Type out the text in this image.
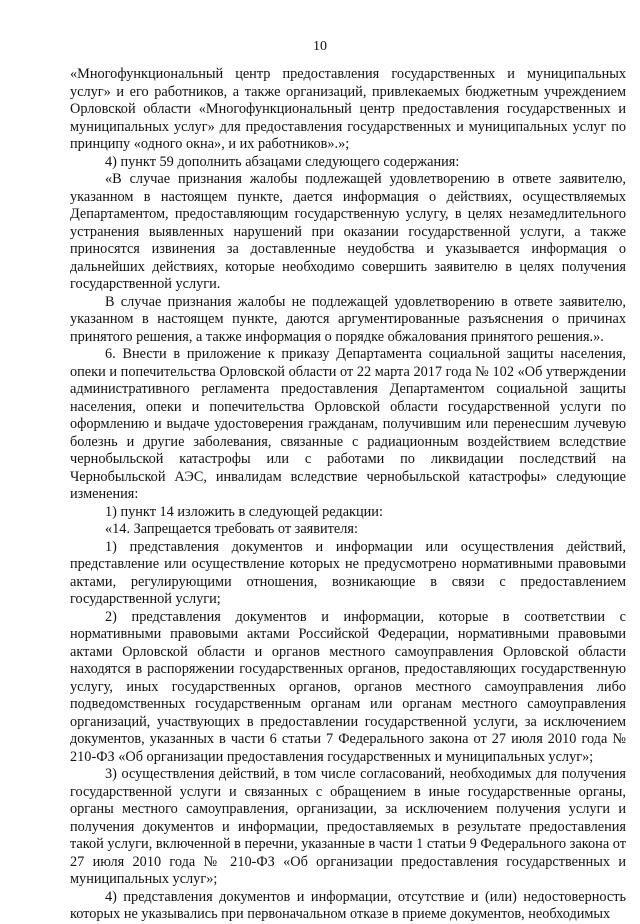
10

«Многофункциональный центр предоставления государственных и муниципальных услуг» и его работников, а также организаций, привлекаемых бюджетным учреждением Орловской области «Многофункциональный центр предоставления государственных и муниципальных услуг» для предоставления государственных и муниципальных услуг по принципу «одного окна», и их работников».»;

4) пункт 59 дополнить абзацами следующего содержания:

«В случае признания жалобы подлежащей удовлетворению в ответе заявителю, указанном в настоящем пункте, дается информация о действиях, осуществляемых Департаментом, предоставляющим государственную услугу, в целях незамедлительного устранения выявленных нарушений при оказании государственной услуги, а также приносятся извинения за доставленные неудобства и указывается информация о дальнейших действиях, которые необходимо совершить заявителю в целях получения государственной услуги.

В случае признания жалобы не подлежащей удовлетворению в ответе заявителю, указанном в настоящем пункте, даются аргументированные разъяснения о причинах принятого решения, а также информация о порядке обжалования принятого решения.».

6. Внести в приложение к приказу Департамента социальной защиты населения, опеки и попечительства Орловской области от 22 марта 2017 года № 102 «Об утверждении административного регламента предоставления Департаментом социальной защиты населения, опеки и попечительства Орловской области государственной услуги по оформлению и выдаче удостоверения гражданам, получившим или перенесшим лучевую болезнь и другие заболевания, связанные с радиационным воздействием вследствие чернобыльской катастрофы или с работами по ликвидации последствий на Чернобыльской АЭС, инвалидам вследствие чернобыльской катастрофы» следующие изменения:

1) пункт 14 изложить в следующей редакции:

«14. Запрещается требовать от заявителя:

1) представления документов и информации или осуществления действий, представление или осуществление которых не предусмотрено нормативными правовыми актами, регулирующими отношения, возникающие в связи с предоставлением государственной услуги;

2) представления документов и информации, которые в соответствии с нормативными правовыми актами Российской Федерации, нормативными правовыми актами Орловской области и органов местного самоуправления Орловской области находятся в распоряжении государственных органов, предоставляющих государственную услугу, иных государственных органов, органов местного самоуправления либо подведомственных государственным органам или органам местного самоуправления организаций, участвующих в предоставлении государственной услуги, за исключением документов, указанных в части 6 статьи 7 Федерального закона от 27 июля 2010 года № 210-ФЗ «Об организации предоставления государственных и муниципальных услуг»;

3) осуществления действий, в том числе согласований, необходимых для получения государственной услуги и связанных с обращением в иные государственные органы, органы местного самоуправления, организации, за исключением получения услуги и получения документов и информации, предоставляемых в результате предоставления такой услуги, включенной в перечни, указанные в части 1 статьи 9 Федерального закона от 27 июля 2010 года № 210-ФЗ «Об организации предоставления государственных и муниципальных услуг»;

4) представления документов и информации, отсутствие и (или) недостоверность которых не указывались при первоначальном отказе в приеме документов, необходимых
